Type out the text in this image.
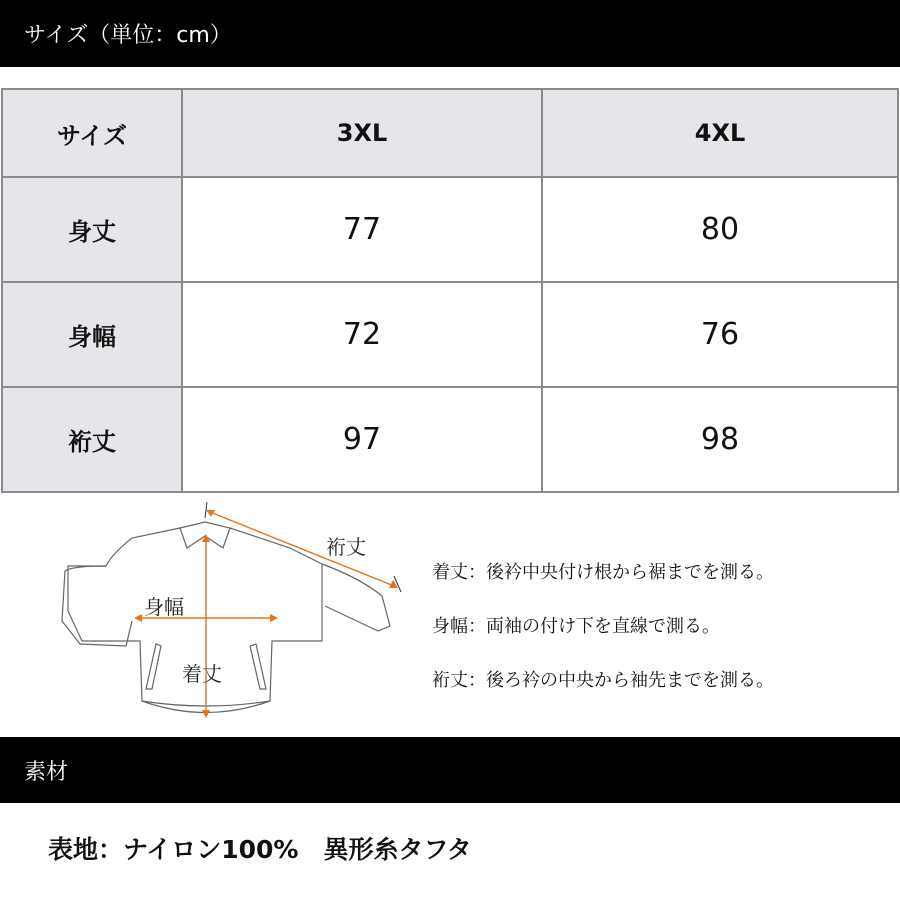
サイズ（単位：cm）
サイズ	3XL	4XL
身丈	77	80
身幅	72	76
裄丈	97	98
裄丈
身幅
着丈
着丈：後衿中央付け根から裾までを測る。
身幅：両袖の付け下を直線で測る。
裄丈：後ろ衿の中央から袖先までを測る。
素材
表地：ナイロン100%　異形糸タフタ
